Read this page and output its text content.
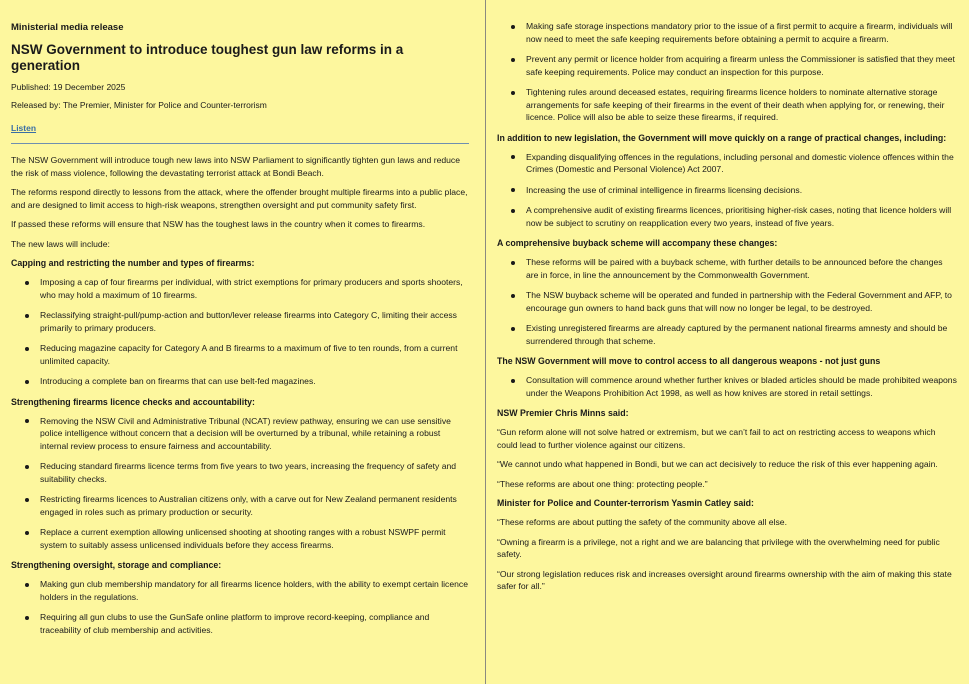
Ministerial media release
NSW Government to introduce toughest gun law reforms in a generation
Published: 19 December 2025
Released by: The Premier, Minister for Police and Counter-terrorism
Listen

The NSW Government will introduce tough new laws into NSW Parliament to significantly tighten gun laws and reduce the risk of mass violence, following the devastating terrorist attack at Bondi Beach.

The reforms respond directly to lessons from the attack, where the offender brought multiple firearms into a public place, and are designed to limit access to high-risk weapons, strengthen oversight and put community safety first.

If passed these reforms will ensure that NSW has the toughest laws in the country when it comes to firearms.

The new laws will include:

Capping and restricting the number and types of firearms:
Imposing a cap of four firearms per individual, with strict exemptions for primary producers and sports shooters, who may hold a maximum of 10 firearms.
Reclassifying straight-pull/pump-action and button/lever release firearms into Category C, limiting their access primarily to primary producers.
Reducing magazine capacity for Category A and B firearms to a maximum of five to ten rounds, from a current unlimited capacity.
Introducing a complete ban on firearms that can use belt-fed magazines.
Strengthening firearms licence checks and accountability:
Removing the NSW Civil and Administrative Tribunal (NCAT) review pathway, ensuring we can use sensitive police intelligence without concern that a decision will be overturned by a tribunal, while retaining a robust internal review process to ensure fairness and accountability.
Reducing standard firearms licence terms from five years to two years, increasing the frequency of safety and suitability checks.
Restricting firearms licences to Australian citizens only, with a carve out for New Zealand permanent residents engaged in roles such as primary production or security.
Replace a current exemption allowing unlicensed shooting at shooting ranges with a robust NSWPF permit system to suitably assess unlicensed individuals before they access firearms.
Strengthening oversight, storage and compliance:
Making gun club membership mandatory for all firearms licence holders, with the ability to exempt certain licence holders in the regulations.
Requiring all gun clubs to use the GunSafe online platform to improve record-keeping, compliance and traceability of club membership and activities.
Making safe storage inspections mandatory prior to the issue of a first permit to acquire a firearm, individuals will now need to meet the safe keeping requirements before obtaining a permit to acquire a firearm.
Prevent any permit or licence holder from acquiring a firearm unless the Commissioner is satisfied that they meet safe keeping requirements. Police may conduct an inspection for this purpose.
Tightening rules around deceased estates, requiring firearms licence holders to nominate alternative storage arrangements for safe keeping of their firearms in the event of their death when applying for, or renewing, their licence. Police will also be able to seize these firearms, if required.
In addition to new legislation, the Government will move quickly on a range of practical changes, including:
Expanding disqualifying offences in the regulations, including personal and domestic violence offences within the Crimes (Domestic and Personal Violence) Act 2007.
Increasing the use of criminal intelligence in firearms licensing decisions.
A comprehensive audit of existing firearms licences, prioritising higher-risk cases, noting that licence holders will now be subject to scrutiny on reapplication every two years, instead of five years.
A comprehensive buyback scheme will accompany these changes:
These reforms will be paired with a buyback scheme, with further details to be announced before the changes are in force, in line the announcement by the Commonwealth Government.
The NSW buyback scheme will be operated and funded in partnership with the Federal Government and AFP, to encourage gun owners to hand back guns that will now no longer be legal, to be destroyed.
Existing unregistered firearms are already captured by the permanent national firearms amnesty and should be surrendered through that scheme.
The NSW Government will move to control access to all dangerous weapons - not just guns
Consultation will commence around whether further knives or bladed articles should be made prohibited weapons under the Weapons Prohibition Act 1998, as well as how knives are stored in retail settings.
NSW Premier Chris Minns said:

“Gun reform alone will not solve hatred or extremism, but we can’t fail to act on restricting access to weapons which could lead to further violence against our citizens.

“We cannot undo what happened in Bondi, but we can act decisively to reduce the risk of this ever happening again.

“These reforms are about one thing: protecting people.”

Minister for Police and Counter-terrorism Yasmin Catley said:

“These reforms are about putting the safety of the community above all else.

“Owning a firearm is a privilege, not a right and we are balancing that privilege with the overwhelming need for public safety.

“Our strong legislation reduces risk and increases oversight around firearms ownership with the aim of making this state safer for all.”
